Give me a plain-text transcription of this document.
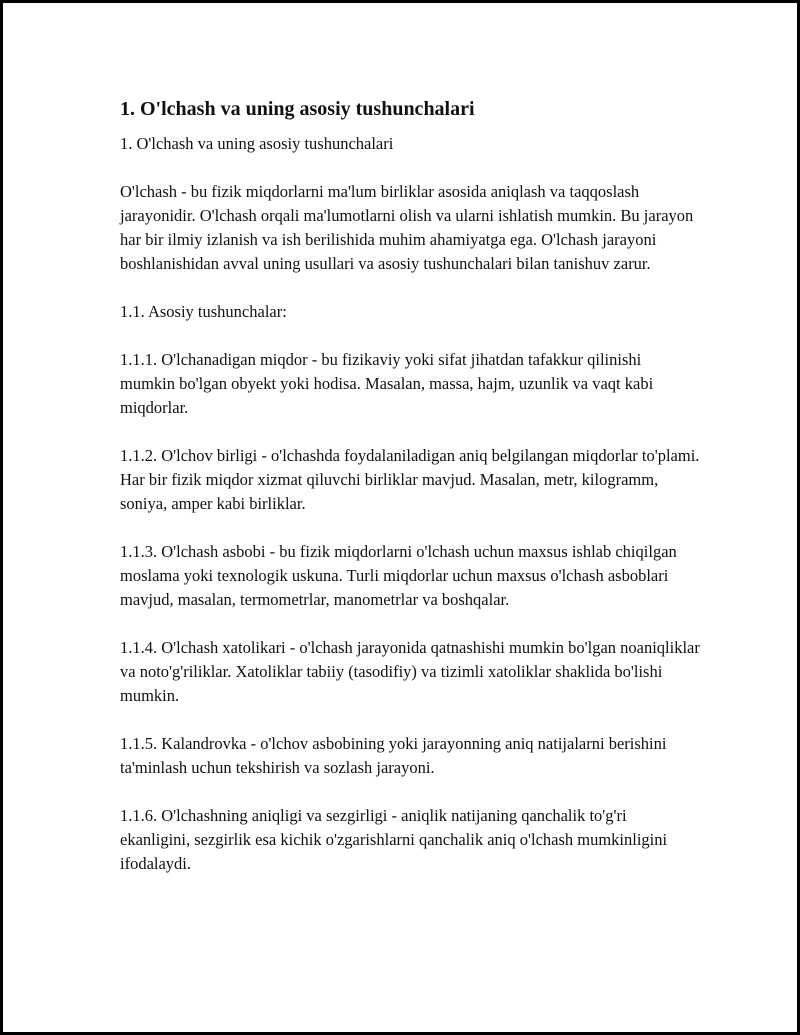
1. O'lchash va uning asosiy tushunchalari

1. O'lchash va uning asosiy tushunchalari

O'lchash - bu fizik miqdorlarni ma'lum birliklar asosida aniqlash va taqqoslash jarayonidir. O'lchash orqali ma'lumotlarni olish va ularni ishlatish mumkin. Bu jarayon har bir ilmiy izlanish va ish berilishida muhim ahamiyatga ega. O'lchash jarayoni boshlanishidan avval uning usullari va asosiy tushunchalari bilan tanishuv zarur.

1.1. Asosiy tushunchalar:

1.1.1. O'lchanadigan miqdor - bu fizikaviy yoki sifat jihatdan tafakkur qilinishi mumkin bo'lgan obyekt yoki hodisa. Masalan, massa, hajm, uzunlik va vaqt kabi miqdorlar.

1.1.2. O'lchov birligi - o'lchashda foydalaniladigan aniq belgilangan miqdorlar to'plami. Har bir fizik miqdor xizmat qiluvchi birliklar mavjud. Masalan, metr, kilogramm, soniya, amper kabi birliklar.

1.1.3. O'lchash asbobi - bu fizik miqdorlarni o'lchash uchun maxsus ishlab chiqilgan moslama yoki texnologik uskuna. Turli miqdorlar uchun maxsus o'lchash asboblari mavjud, masalan, termometrlar, manometrlar va boshqalar.

1.1.4. O'lchash xatolikari - o'lchash jarayonida qatnashishi mumkin bo'lgan noaniqliklar va noto'g'riliklar. Xatoliklar tabiiy (tasodifiy) va tizimli xatoliklar shaklida bo'lishi mumkin.

1.1.5. Kalandrovka - o'lchov asbobining yoki jarayonning aniq natijalarni berishini ta'minlash uchun tekshirish va sozlash jarayoni.

1.1.6. O'lchashning aniqligi va sezgirligi - aniqlik natijaning qanchalik to'g'ri ekanligini, sezgirlik esa kichik o'zgarishlarni qanchalik aniq o'lchash mumkinligini ifodalaydi.
